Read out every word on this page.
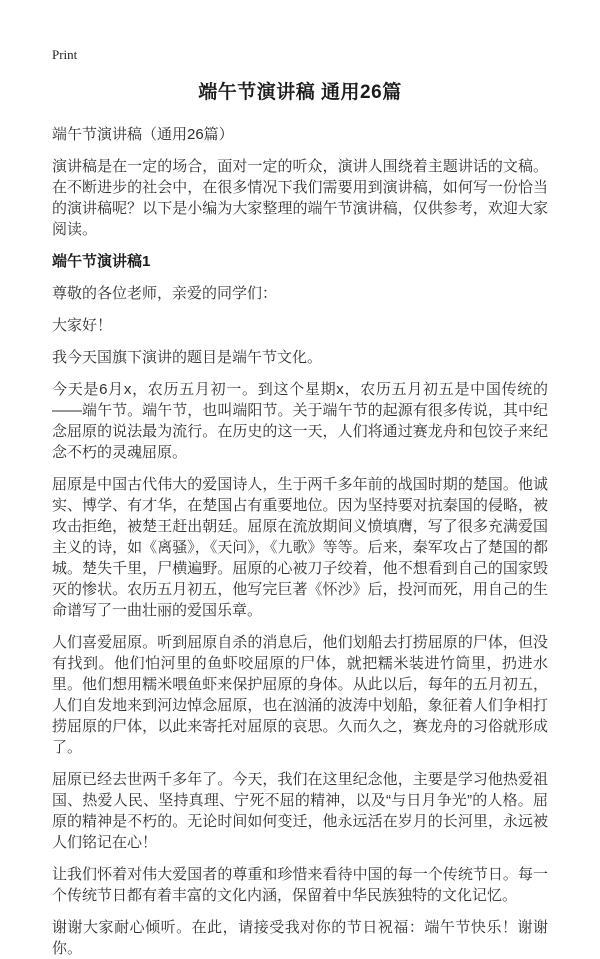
Print
端午节演讲稿 通用26篇

端午节演讲稿（通用26篇）

演讲稿是在一定的场合，面对一定的听众，演讲人围绕着主题讲话的文稿。在不断进步的社会中，在很多情况下我们需要用到演讲稿，如何写一份恰当的演讲稿呢？以下是小编为大家整理的端午节演讲稿，仅供参考，欢迎大家阅读。

端午节演讲稿1

尊敬的各位老师，亲爱的同学们：

大家好！

我今天国旗下演讲的题目是端午节文化。

今天是6月x，农历五月初一。到这个星期x，农历五月初五是中国传统的——端午节。端午节，也叫端阳节。关于端午节的起源有很多传说，其中纪念屈原的说法最为流行。在历史的这一天，人们将通过赛龙舟和包饺子来纪念不朽的灵魂屈原。

屈原是中国古代伟大的爱国诗人，生于两千多年前的战国时期的楚国。他诚实、博学、有才华，在楚国占有重要地位。因为坚持要对抗秦国的侵略，被攻击拒绝，被楚王赶出朝廷。屈原在流放期间义愤填膺，写了很多充满爱国主义的诗，如《离骚》，《天问》，《九歌》等等。后来，秦军攻占了楚国的都城。楚失千里，尸横遍野。屈原的心被刀子绞着，他不想看到自己的国家毁灭的惨状。农历五月初五，他写完巨著《怀沙》后，投河而死，用自己的生命谱写了一曲壮丽的爱国乐章。

人们喜爱屈原。听到屈原自杀的消息后，他们划船去打捞屈原的尸体，但没有找到。他们怕河里的鱼虾咬屈原的尸体，就把糯米装进竹筒里，扔进水里。他们想用糯米喂鱼虾来保护屈原的身体。从此以后，每年的五月初五，人们自发地来到河边悼念屈原，也在汹涌的波涛中划船，象征着人们争相打捞屈原的尸体，以此来寄托对屈原的哀思。久而久之，赛龙舟的习俗就形成了。

屈原已经去世两千多年了。今天，我们在这里纪念他，主要是学习他热爱祖国、热爱人民、坚持真理、宁死不屈的精神，以及“与日月争光”的人格。屈原的精神是不朽的。无论时间如何变迁，他永远活在岁月的长河里，永远被人们铭记在心！

让我们怀着对伟大爱国者的尊重和珍惜来看待中国的每一个传统节日。每一个传统节日都有着丰富的文化内涵，保留着中华民族独特的文化记忆。

谢谢大家耐心倾听。在此，请接受我对你的节日祝福：端午节快乐！谢谢你。
